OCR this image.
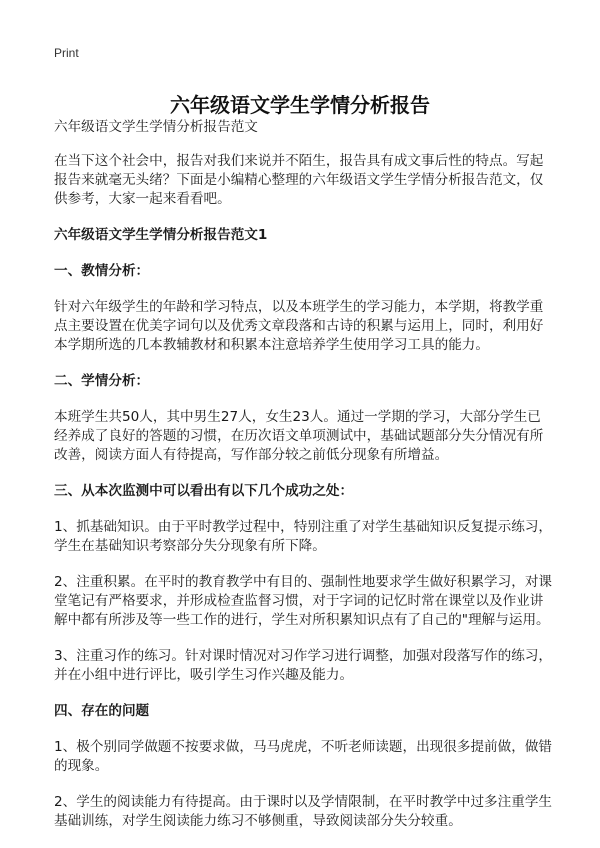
Print
六年级语文学生学情分析报告

六年级语文学生学情分析报告范文

在当下这个社会中，报告对我们来说并不陌生，报告具有成文事后性的特点。写起报告来就毫无头绪？下面是小编精心整理的六年级语文学生学情分析报告范文，仅供参考，大家一起来看看吧。

六年级语文学生学情分析报告范文1
一、教情分析：

针对六年级学生的年龄和学习特点，以及本班学生的学习能力，本学期，将教学重点主要设置在优美字词句以及优秀文章段落和古诗的积累与运用上，同时，利用好本学期所选的几本教辅教材和积累本注意培养学生使用学习工具的能力。

二、学情分析：

本班学生共50人，其中男生27人，女生23人。通过一学期的学习，大部分学生已经养成了良好的答题的习惯，在历次语文单项测试中，基础试题部分失分情况有所改善，阅读方面人有待提高，写作部分较之前低分现象有所增益。

三、从本次监测中可以看出有以下几个成功之处：

1、抓基础知识。由于平时教学过程中，特别注重了对学生基础知识反复提示练习，学生在基础知识考察部分失分现象有所下降。

2、注重积累。在平时的教育教学中有目的、强制性地要求学生做好积累学习，对课堂笔记有严格要求，并形成检查监督习惯，对于字词的记忆时常在课堂以及作业讲解中都有所涉及等一些工作的进行，学生对所积累知识点有了自己的"理解与运用。

3、注重习作的练习。针对课时情况对习作学习进行调整，加强对段落写作的练习，并在小组中进行评比，吸引学生习作兴趣及能力。

四、存在的问题

1、极个别同学做题不按要求做，马马虎虎，不听老师读题，出现很多提前做，做错的现象。

2、学生的阅读能力有待提高。由于课时以及学情限制，在平时教学中过多注重学生基础训练，对学生阅读能力练习不够侧重，导致阅读部分失分较重。
